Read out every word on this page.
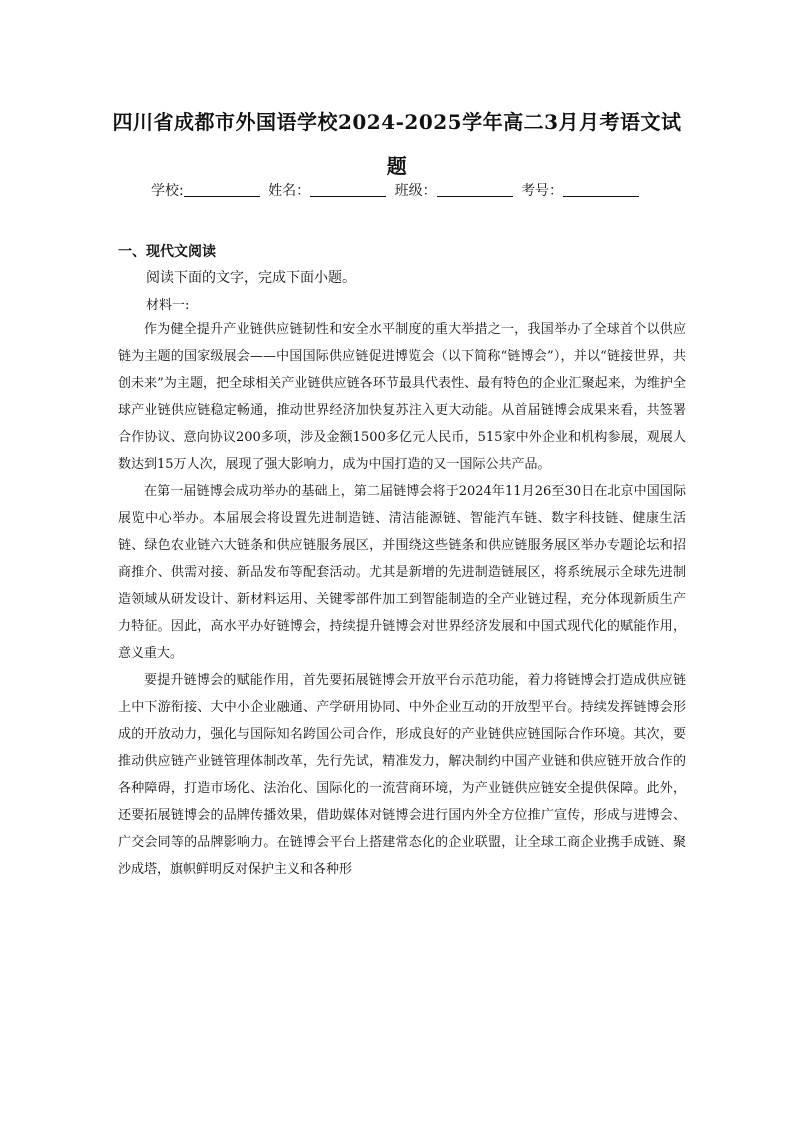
四川省成都市外国语学校2024-2025学年高二3月月考语文试题
学校:	姓名：	班级：	考号：
一、现代文阅读
阅读下面的文字，完成下面小题。
材料一:

作为健全提升产业链供应链韧性和安全水平制度的重大举措之一，我国举办了全球首个以供应链为主题的国家级展会——中国国际供应链促进博览会（以下简称“链博会”），并以“链接世界，共创未来”为主题，把全球相关产业链供应链各环节最具代表性、最有特色的企业汇聚起来，为维护全球产业链供应链稳定畅通，推动世界经济加快复苏注入更大动能。从首届链博会成果来看，共签署合作协议、意向协议200多项，涉及金额1500多亿元人民币，515家中外企业和机构参展，观展人数达到15万人次，展现了强大影响力，成为中国打造的又一国际公共产品。

在第一届链博会成功举办的基础上，第二届链博会将于2024年11月26至30日在北京中国国际展览中心举办。本届展会将设置先进制造链、清洁能源链、智能汽车链、数字科技链、健康生活链、绿色农业链六大链条和供应链服务展区，并围绕这些链条和供应链服务展区举办专题论坛和招商推介、供需对接、新品发布等配套活动。尤其是新增的先进制造链展区，将系统展示全球先进制造领域从研发设计、新材料运用、关键零部件加工到智能制造的全产业链过程，充分体现新质生产力特征。因此，高水平办好链博会，持续提升链博会对世界经济发展和中国式现代化的赋能作用，意义重大。

要提升链博会的赋能作用，首先要拓展链博会开放平台示范功能，着力将链博会打造成供应链上中下游衔接、大中小企业融通、产学研用协同、中外企业互动的开放型平台。持续发挥链博会形成的开放动力，强化与国际知名跨国公司合作，形成良好的产业链供应链国际合作环境。其次，要推动供应链产业链管理体制改革，先行先试，精准发力，解决制约中国产业链和供应链开放合作的各种障碍，打造市场化、法治化、国际化的一流营商环境，为产业链供应链安全提供保障。此外，还要拓展链博会的品牌传播效果，借助媒体对链博会进行国内外全方位推广宣传，形成与进博会、广交会同等的品牌影响力。在链博会平台上搭建常态化的企业联盟，让全球工商企业携手成链、聚沙成塔，旗帜鲜明反对保护主义和各种形
